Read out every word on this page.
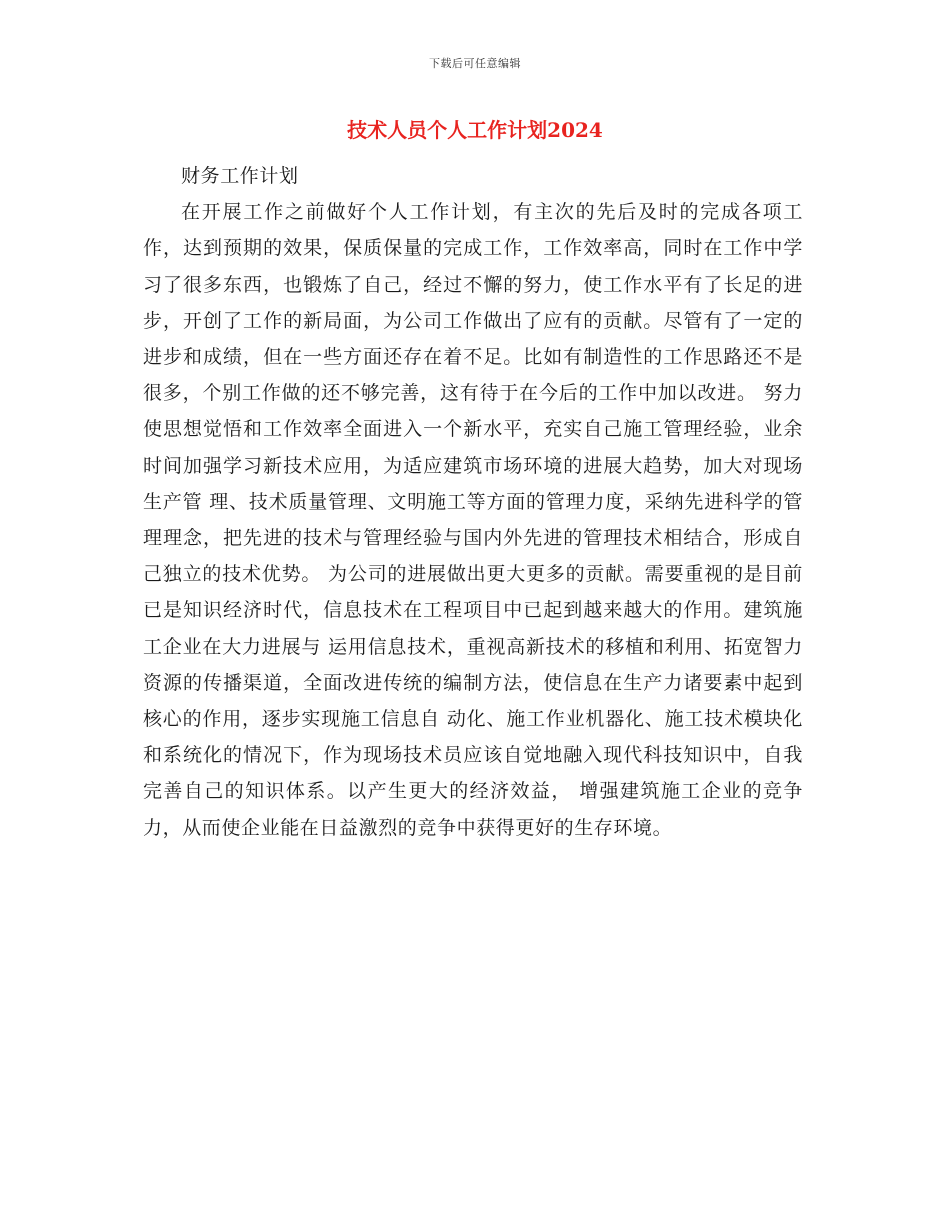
下载后可任意编辑
技术人员个人工作计划2024

财务工作计划

在开展工作之前做好个人工作计划，有主次的先后及时的完成各项工作，达到预期的效果，保质保量的完成工作，工作效率高，同时在工作中学习了很多东西，也锻炼了自己，经过不懈的努力，使工作水平有了长足的进步，开创了工作的新局面，为公司工作做出了应有的贡献。尽管有了一定的进步和成绩，但在一些方面还存在着不足。比如有制造性的工作思路还不是很多，个别工作做的还不够完善，这有待于在今后的工作中加以改进。 努力使思想觉悟和工作效率全面进入一个新水平，充实自己施工管理经验，业余时间加强学习新技术应用，为适应建筑市场环境的进展大趋势，加大对现场生产管 理、技术质量管理、文明施工等方面的管理力度，采纳先进科学的管理理念，把先进的技术与管理经验与国内外先进的管理技术相结合，形成自己独立的技术优势。 为公司的进展做出更大更多的贡献。需要重视的是目前已是知识经济时代，信息技术在工程项目中已起到越来越大的作用。建筑施工企业在大力进展与 运用信息技术，重视高新技术的移植和利用、拓宽智力资源的传播渠道，全面改进传统的编制方法，使信息在生产力诸要素中起到核心的作用，逐步实现施工信息自 动化、施工作业机器化、施工技术模块化和系统化的情况下，作为现场技术员应该自觉地融入现代科技知识中，自我完善自己的知识体系。以产生更大的经济效益， 增强建筑施工企业的竞争力，从而使企业能在日益激烈的竞争中获得更好的生存环境。
